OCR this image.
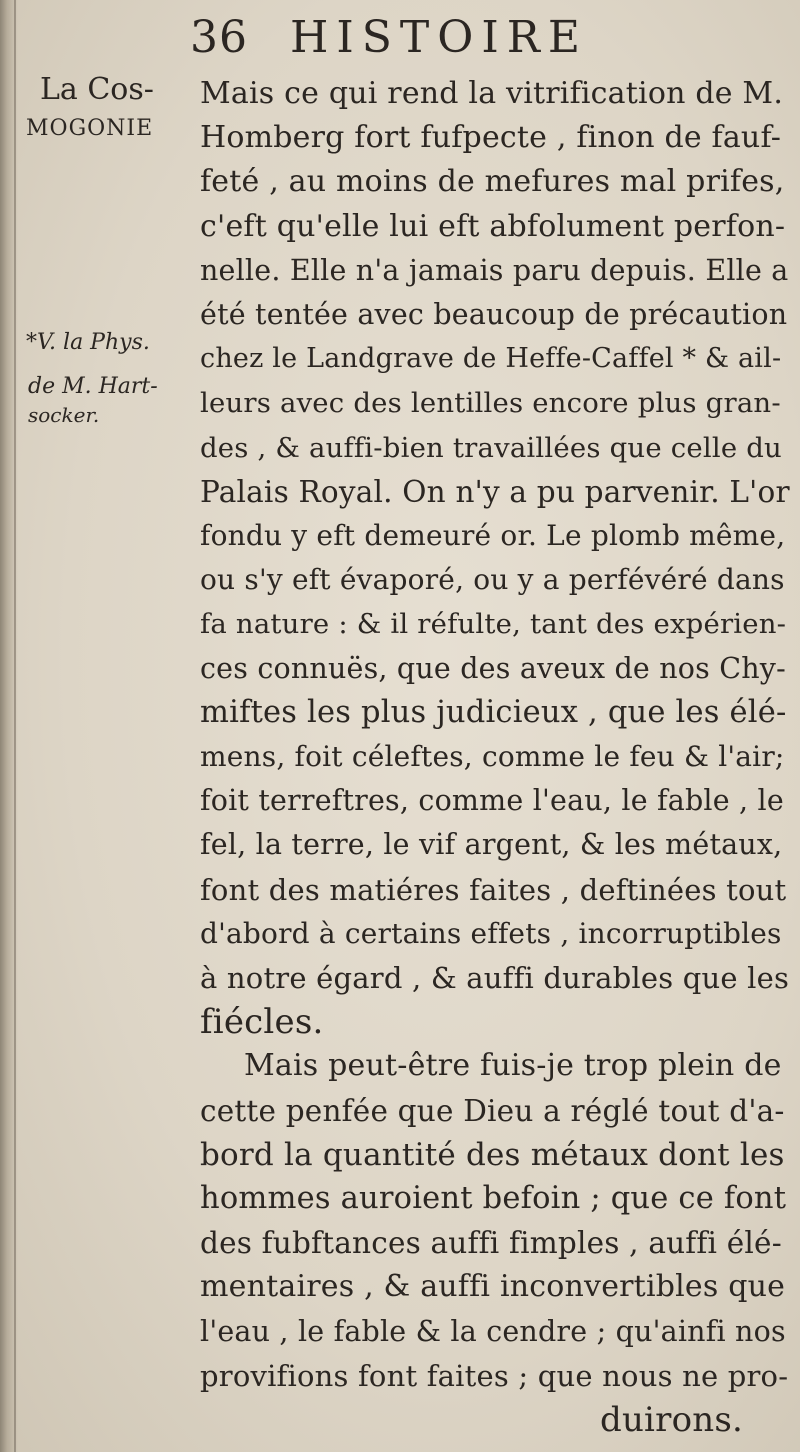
36 HISTOIRE
La Cos-
MOGONIE
*V. la Phys.
de M. Hart-
socker.
Mais ce qui rend la vitrification de M.
Homberg fort fufpecte , finon de fauf-
feté , au moins de mefures mal prifes,
c'eft qu'elle lui eft abfolument perfon-
nelle. Elle n'a jamais paru depuis. Elle a
été tentée avec beaucoup de précaution
chez le Landgrave de Heffe-Caffel * & ail-
leurs avec des lentilles encore plus gran-
des , & auffi-bien travaillées que celle du
Palais Royal. On n'y a pu parvenir. L'or
fondu y eft demeuré or. Le plomb même,
ou s'y eft évaporé, ou y a perfévéré dans
fa nature : & il réfulte, tant des expérien-
ces connuës, que des aveux de nos Chy-
miftes les plus judicieux , que les élé-
mens, foit céleftes, comme le feu & l'air;
foit terreftres, comme l'eau, le fable , le
fel, la terre, le vif argent, & les métaux,
font des matiéres faites , deftinées tout
d'abord à certains effets , incorruptibles
à notre égard , & auffi durables que les
fiécles.
Mais peut-être fuis-je trop plein de
cette penfée que Dieu a réglé tout d'a-
bord la quantité des métaux dont les
hommes auroient befoin ; que ce font
des fubftances auffi fimples , auffi élé-
mentaires , & auffi inconvertibles que
l'eau , le fable & la cendre ; qu'ainfi nos
provifions font faites ; que nous ne pro-
duirons.
